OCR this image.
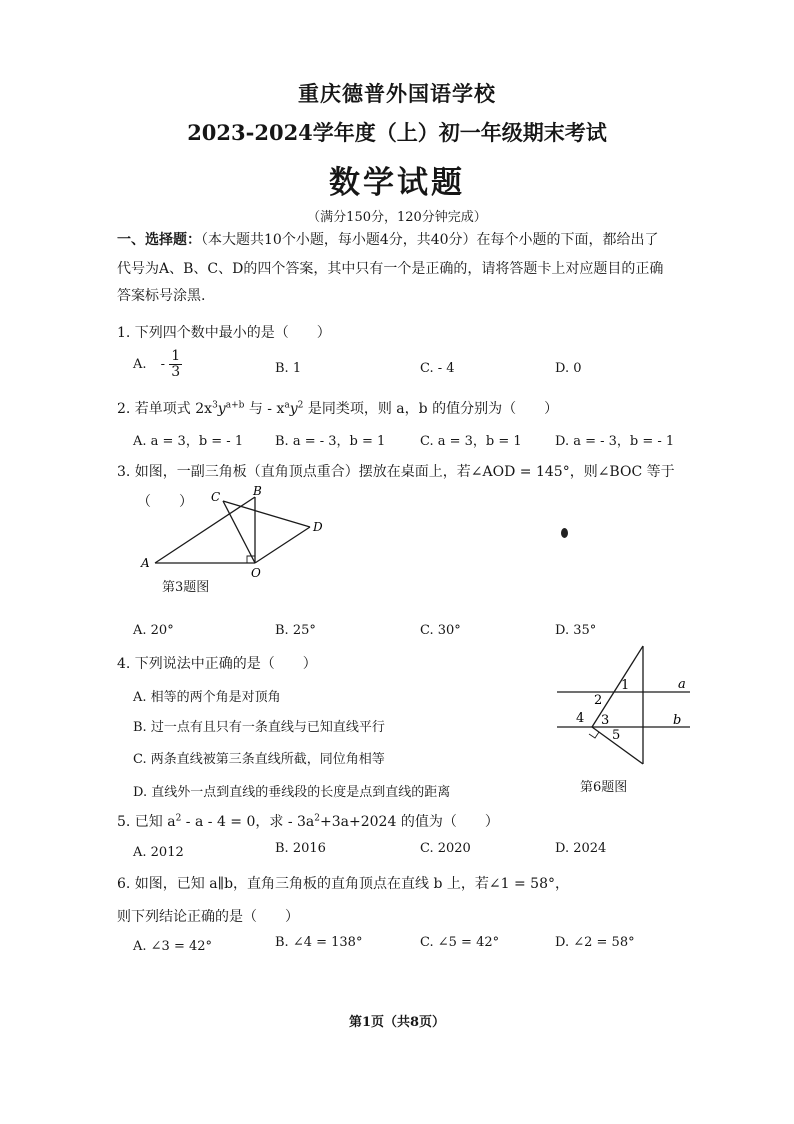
重庆德普外国语学校
2023-2024学年度（上）初一年级期末考试
数学试题
（满分150分，120分钟完成）
一、选择题：（本大题共10个小题，每小题4分，共40分）在每个小题的下面，都给出了
代号为A、B、C、D的四个答案，其中只有一个是正确的，请将答题卡上对应题目的正确
答案标号涂黑.
1. 下列四个数中最小的是（　　）
A. - $\frac{1}{3}$	B. 1	C. - 4	D. 0
2. 若单项式 $2x^3y^{a+b}$ 与 - $x^ay^2$ 是同类项，则 a，b 的值分别为（　　）
A. a = 3，b = - 1 B. a = - 3，b = 1	C. a = 3，b = 1	D. a = - 3，b = - 1
3. 如图，一副三角板（直角顶点重合）摆放在桌面上，若∠AOD = 145°，则∠BOC 等于
（　　）
A
B
C
D
O
第3题图
A. 20°	B. 25°	C. 30°	D. 35°
4. 下列说法中正确的是（　　）
A. 相等的两个角是对顶角
B. 过一点有且只有一条直线与已知直线平行
C. 两条直线被第三条直线所截，同位角相等
D. 直线外一点到直线的垂线段的长度是点到直线的距离
a
b
1
2
3
4
5
第6题图
5. 已知 $a^2 - a - 4 = 0$，求 - $3a^2+3a+2024$ 的值为（　　）
A. 2012	B. 2016	C. 2020	D. 2024
6. 如图，已知 a∥b，直角三角板的直角顶点在直线 b 上，若∠1 = 58°，
则下列结论正确的是（　　）
A. ∠3 = 42°	B. ∠4 = 138°	C. ∠5 = 42°	D. ∠2 = 58°
第1页（共8页）
